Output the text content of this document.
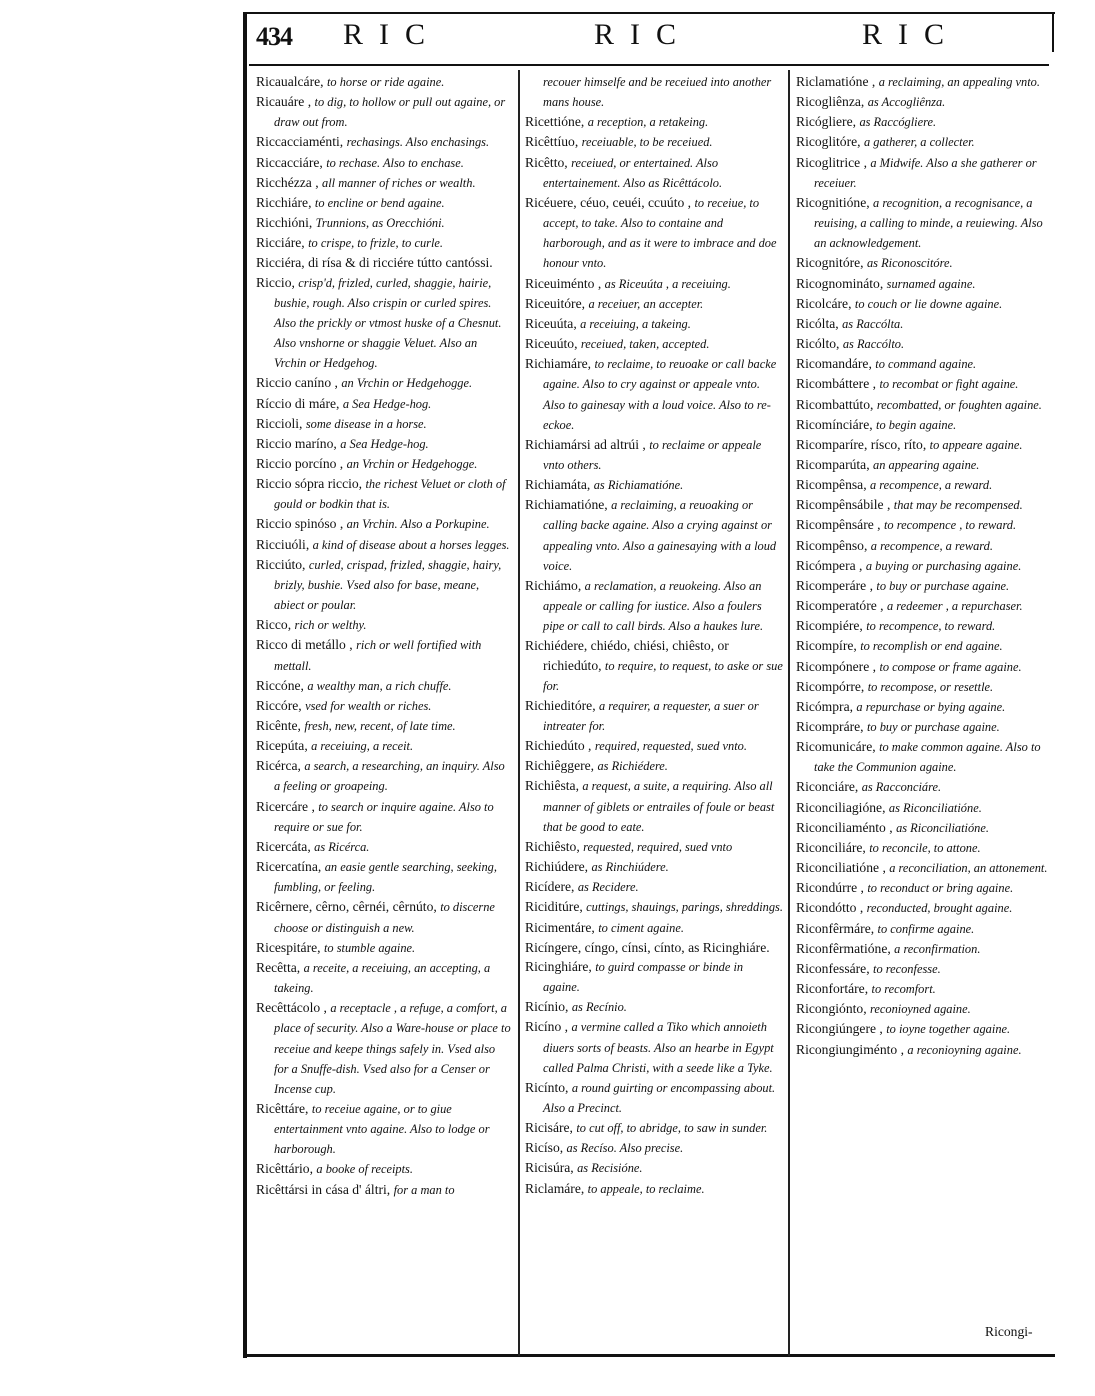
434 RIC	RIC	RIC

Ricaualcáre, to horse or ride againe.

Ricauáre , to dig, to hollow or pull out againe, or draw out from.

Riccacciaménti, rechasings. Also enchasings.

Riccacciáre, to rechase. Also to enchase.

Ricchézza , all manner of riches or wealth.

Ricchiáre, to encline or bend againe.

Ricchióni, Trunnions, as Orecchióni.

Ricciáre, to crispe, to frizle, to curle.

Ricciéra, di rísa & di ricciére tútto cantóssi.

Riccio, crisp'd, frizled, curled, shaggie, hairie, bushie, rough. Also crispin or curled spires. Also the prickly or vtmost huske of a Chesnut. Also vnshorne or shaggie Veluet. Also an Vrchin or Hedgehog.

Riccio caníno , an Vrchin or Hedgehogge.

Ríccio di máre, a Sea Hedge-hog.

Riccioli, some disease in a horse.

Riccio maríno, a Sea Hedge-hog.

Riccio porcíno , an Vrchin or Hedgehogge.

Riccio sópra riccio, the richest Veluet or cloth of gould or bodkin that is.

Riccio spinóso , an Vrchin. Also a Porkupine.

Ricciuóli, a kind of disease about a horses legges.

Ricciúto, curled, crispad, frizled, shaggie, hairy, brizly, bushie. Vsed also for base, meane, abiect or poular.

Ricco, rich or welthy.

Ricco di metállo , rich or well fortified with mettall.

Riccóne, a wealthy man, a rich chuffe.

Riccóre, vsed for wealth or riches.

Ricênte, fresh, new, recent, of late time.

Ricepúta, a receiuing, a receit.

Ricérca, a search, a researching, an inquiry. Also a feeling or groapeing.

Ricercáre , to search or inquire againe. Also to require or sue for.

Ricercáta, as Ricérca.

Ricercatína, an easie gentle searching, seeking, fumbling, or feeling.

Ricêrnere, cêrno, cêrnéi, cêrnúto, to discerne choose or distinguish a new.

Ricespitáre, to stumble againe.

Recêtta, a receite, a receiuing, an accepting, a takeing.

Recêttácolo , a receptacle , a refuge, a comfort, a place of security. Also a Ware-house or place to receiue and keepe things safely in. Vsed also for a Snuffe-dish. Vsed also for a Censer or Incense cup.

Ricêttáre, to receiue againe, or to giue entertainment vnto againe. Also to lodge or harborough.

Ricêttário, a booke of receipts.

Ricêttársi in cása d' áltri, for a man to

recouer himselfe and be receiued into another mans house.

Ricettióne, a reception, a retakeing.

Ricêttíuo, receiuable, to be receiued.

Ricêtto, receiued, or entertained. Also entertainement. Also as Ricêttácolo.

Ricéuere, céuo, ceuéi, ccuúto , to receiue, to accept, to take. Also to containe and harborough, and as it were to imbrace and doe honour vnto.

Riceuiménto , as Riceuúta , a receiuing.

Riceuitóre, a receiuer, an accepter.

Riceuúta, a receiuing, a takeing.

Riceuúto, receiued, taken, accepted.

Richiamáre, to reclaime, to reuoake or call backe againe. Also to cry against or appeale vnto. Also to gainesay with a loud voice. Also to re-eckoe.

Richiamársi ad altrúi , to reclaime or appeale vnto others.

Richiamáta, as Richiamatióne.

Richiamatióne, a reclaiming, a reuoaking or calling backe againe. Also a crying against or appealing vnto. Also a gainesaying with a loud voice.

Richiámo, a reclamation, a reuokeing. Also an appeale or calling for iustice. Also a foulers pipe or call to call birds. Also a haukes lure.

Richiédere, chiédo, chiési, chiêsto, or richiedúto, to require, to request, to aske or sue for.

Richieditóre, a requirer, a requester, a suer or intreater for.

Richiedúto , required, requested, sued vnto.

Richiêggere, as Richiédere.

Richiêsta, a request, a suite, a requiring. Also all manner of giblets or entrailes of foule or beast that be good to eate.

Richiêsto, requested, required, sued vnto

Richiúdere, as Rinchiúdere.

Ricídere, as Recidere.

Riciditúre, cuttings, shauings, parings, shreddings.

Ricimentáre, to ciment againe.

Ricíngere, cíngo, cínsi, cínto, as Ricinghiáre.

Ricinghiáre, to guird compasse or binde in againe.

Ricínio, as Recínio.

Ricíno , a vermine called a Tiko which annoieth diuers sorts of beasts. Also an hearbe in Egypt called Palma Christi, with a seede like a Tyke.

Ricínto, a round guirting or encompassing about. Also a Precinct.

Ricisáre, to cut off, to abridge, to saw in sunder.

Ricíso, as Recíso. Also precise.

Ricisúra, as Recisióne.

Riclamáre, to appeale, to reclaime.

Riclamatióne , a reclaiming, an appealing vnto.

Ricogliênza, as Accogliênza.

Ricógliere, as Raccógliere.

Ricoglitóre, a gatherer, a collecter.

Ricoglitrice , a Midwife. Also a she gatherer or receiuer.

Ricognitióne, a recognition, a recognisance, a reuising, a calling to minde, a reuiewing. Also an acknowledgement.

Ricognitóre, as Riconoscitóre.

Ricognomináto, surnamed againe.

Ricolcáre, to couch or lie downe againe.

Ricólta, as Raccólta.

Ricólto, as Raccólto.

Ricomandáre, to command againe.

Ricombáttere , to recombat or fight againe.

Ricombattúto, recombatted, or foughten againe.

Ricomínciáre, to begin againe.

Ricomparíre, rísco, ríto, to appeare againe.

Ricomparúta, an appearing againe.

Ricompênsa, a recompence, a reward.

Ricompênsábile , that may be recompensed.

Ricompênsáre , to recompence , to reward.

Ricompênso, a recompence, a reward.

Ricómpera , a buying or purchasing againe.

Ricomperáre , to buy or purchase againe.

Ricomperatóre , a redeemer , a repurchaser.

Ricompiére, to recompence, to reward.

Ricompíre, to recomplish or end againe.

Ricompónere , to compose or frame againe.

Ricompórre, to recompose, or resettle.

Ricómpra, a repurchase or bying againe.

Ricompráre, to buy or purchase againe.

Ricomunicáre, to make common againe. Also to take the Communion againe.

Riconciáre, as Racconciáre.

Riconciliagióne, as Riconciliatióne.

Riconciliaménto , as Riconciliatióne.

Riconciliáre, to reconcile, to attone.

Riconciliatióne , a reconciliation, an attonement.

Ricondúrre , to reconduct or bring againe.

Ricondótto , reconducted, brought againe.

Riconfêrmáre, to confirme againe.

Riconfêrmatióne, a reconfirmation.

Riconfessáre, to reconfesse.

Riconfortáre, to recomfort.

Ricongiónto, reconioyned againe.

Ricongiúngere , to ioyne together againe.

Ricongiungiménto , a reconioyning againe.

Ricongi-
